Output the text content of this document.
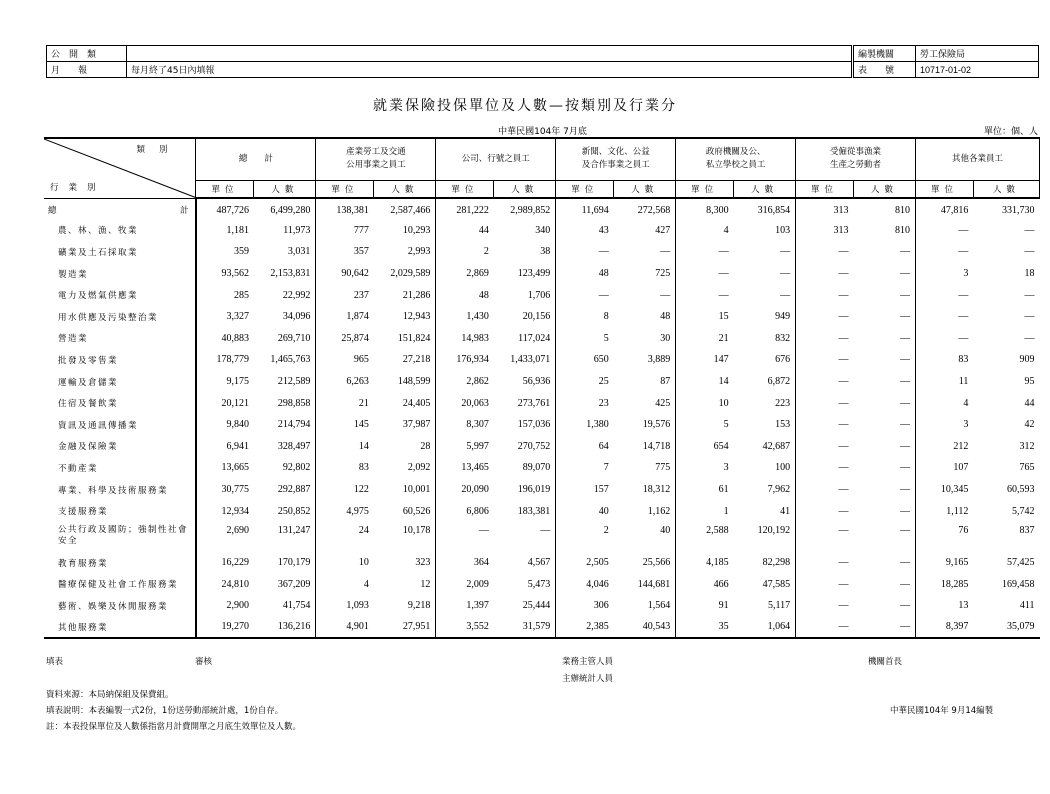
公　開　類	
月　　報	每月終了45日內填報
編製機關	勞工保險局
表　　號	10717-01-02
就業保險投保單位及人數—按類別及行業分
中華民國104年 7月底	單位：個、人
類別
行業別	總　　計		產業勞工及交通
公用事業之員工		公司、行號之員工		新聞、文化、公益
及合作事業之員工		政府機關及公、
私立學校之員工		受僱從事漁業
生產之勞動者		其他各業員工	

	單位	人數	單位	人數	單位	人數	單位	人數	單位	人數	單位	人數	單位	人數

總 計	487,726	6,499,280	138,381	2,587,466	281,222	2,989,852	11,694	272,568	8,300	316,854	313	810	47,816	331,730
農、林、漁、牧業	1,181	11,973	777	10,293	44	340	43	427	4	103	313	810	—	—
礦業及土石採取業	359	3,031	357	2,993	2	38	—	—	—	—	—	—	—	—
製造業	93,562	2,153,831	90,642	2,029,589	2,869	123,499	48	725	—	—	—	—	3	18
電力及燃氣供應業	285	22,992	237	21,286	48	1,706	—	—	—	—	—	—	—	—
用水供應及污染整治業	3,327	34,096	1,874	12,943	1,430	20,156	8	48	15	949	—	—	—	—
營造業	40,883	269,710	25,874	151,824	14,983	117,024	5	30	21	832	—	—	—	—
批發及零售業	178,779	1,465,763	965	27,218	176,934	1,433,071	650	3,889	147	676	—	—	83	909
運輸及倉儲業	9,175	212,589	6,263	148,599	2,862	56,936	25	87	14	6,872	—	—	11	95
住宿及餐飲業	20,121	298,858	21	24,405	20,063	273,761	23	425	10	223	—	—	4	44
資訊及通訊傳播業	9,840	214,794	145	37,987	8,307	157,036	1,380	19,576	5	153	—	—	3	42
金融及保險業	6,941	328,497	14	28	5,997	270,752	64	14,718	654	42,687	—	—	212	312
不動產業	13,665	92,802	83	2,092	13,465	89,070	7	775	3	100	—	—	107	765
專業、科學及技術服務業	30,775	292,887	122	10,001	20,090	196,019	157	18,312	61	7,962	—	—	10,345	60,593
支援服務業	12,934	250,852	4,975	60,526	6,806	183,381	40	1,162	1	41	—	—	1,112	5,742
公共行政及國防；強制性社會安全	2,690	131,247	24	10,178	—	—	2	40	2,588	120,192	—	—	76	837
教育服務業	16,229	170,179	10	323	364	4,567	2,505	25,566	4,185	82,298	—	—	9,165	57,425
醫療保健及社會工作服務業	24,810	367,209	4	12	2,009	5,473	4,046	144,681	466	47,585	—	—	18,285	169,458
藝術、娛樂及休閒服務業	2,900	41,754	1,093	9,218	1,397	25,444	306	1,564	91	5,117	—	—	13	411
其他服務業	19,270	136,216	4,901	27,951	3,552	31,579	2,385	40,543	35	1,064	—	—	8,397	35,079
填表	審核	業務主管人員
主辦統計人員
機關首長
資料來源：本局納保組及保費組。
填表說明：本表編製一式2份，1份送勞動部統計處，1份自存。
註：本表投保單位及人數係指當月計費開單之月底生效單位及人數。
中華民國104年 9月14編製
